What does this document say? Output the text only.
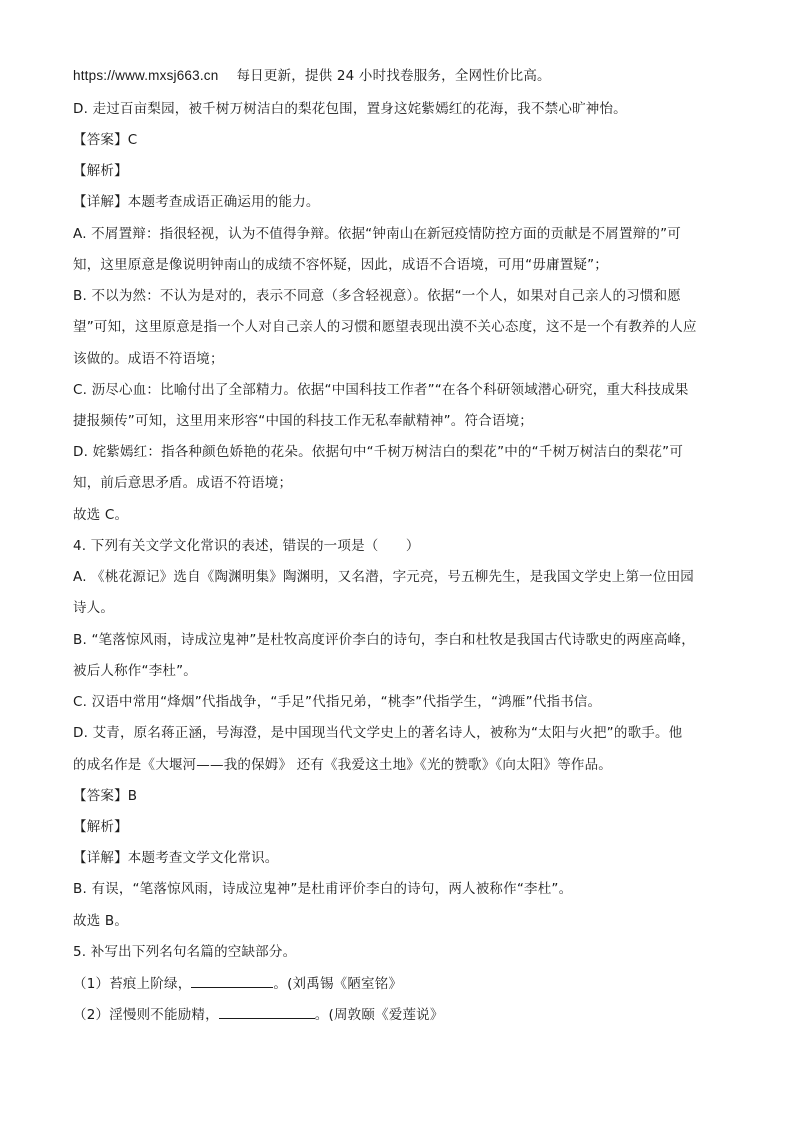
https://www.mxsj663.cn 每日更新，提供 24 小时找卷服务，全网性价比高。
D. 走过百亩梨园，被千树万树洁白的梨花包围，置身这姹紫嫣红的花海，我不禁心旷神怡。
【答案】C
【解析】
【详解】本题考查成语正确运用的能力。
A. 不屑置辩：指很轻视，认为不值得争辩。依据“钟南山在新冠疫情防控方面的贡献是不屑置辩的”可
知，这里原意是像说明钟南山的成绩不容怀疑，因此，成语不合语境，可用“毋庸置疑”；
B. 不以为然：不认为是对的，表示不同意（多含轻视意）。依据“一个人，如果对自己亲人的习惯和愿
望”可知，这里原意是指一个人对自己亲人的习惯和愿望表现出漠不关心态度，这不是一个有教养的人应
该做的。成语不符语境；
C. 沥尽心血：比喻付出了全部精力。依据“中国科技工作者”“在各个科研领域潜心研究，重大科技成果
捷报频传”可知，这里用来形容“中国的科技工作无私奉献精神”。符合语境；
D. 姹紫嫣红：指各种颜色娇艳的花朵。依据句中“千树万树洁白的梨花”中的“千树万树洁白的梨花”可
知，前后意思矛盾。成语不符语境；
故选 C。
4. 下列有关文学文化常识的表述，错误的一项是（　　）
A. 《桃花源记》选自《陶渊明集》陶渊明，又名潜，字元亮，号五柳先生，是我国文学史上第一位田园
诗人。
B. “笔落惊风雨，诗成泣鬼神”是杜牧高度评价李白的诗句，李白和杜牧是我国古代诗歌史的两座高峰，
被后人称作“李杜”。
C. 汉语中常用“烽烟”代指战争，“手足”代指兄弟，“桃李”代指学生，“鸿雁”代指书信。
D. 艾青，原名蒋正涵，号海澄，是中国现当代文学史上的著名诗人，被称为“太阳与火把”的歌手。他
的成名作是《大堰河——我的保姆》 还有《我爱这土地》《光的赞歌》《向太阳》等作品。
【答案】B
【解析】
【详解】本题考查文学文化常识。
B. 有误，“笔落惊风雨，诗成泣鬼神”是杜甫评价李白的诗句，两人被称作“李杜”。
故选 B。
5. 补写出下列名句名篇的空缺部分。
（1）苔痕上阶绿，	。(刘禹锡《陋室铭》
（2）淫慢则不能励精，	。(周敦颐《爱莲说》
